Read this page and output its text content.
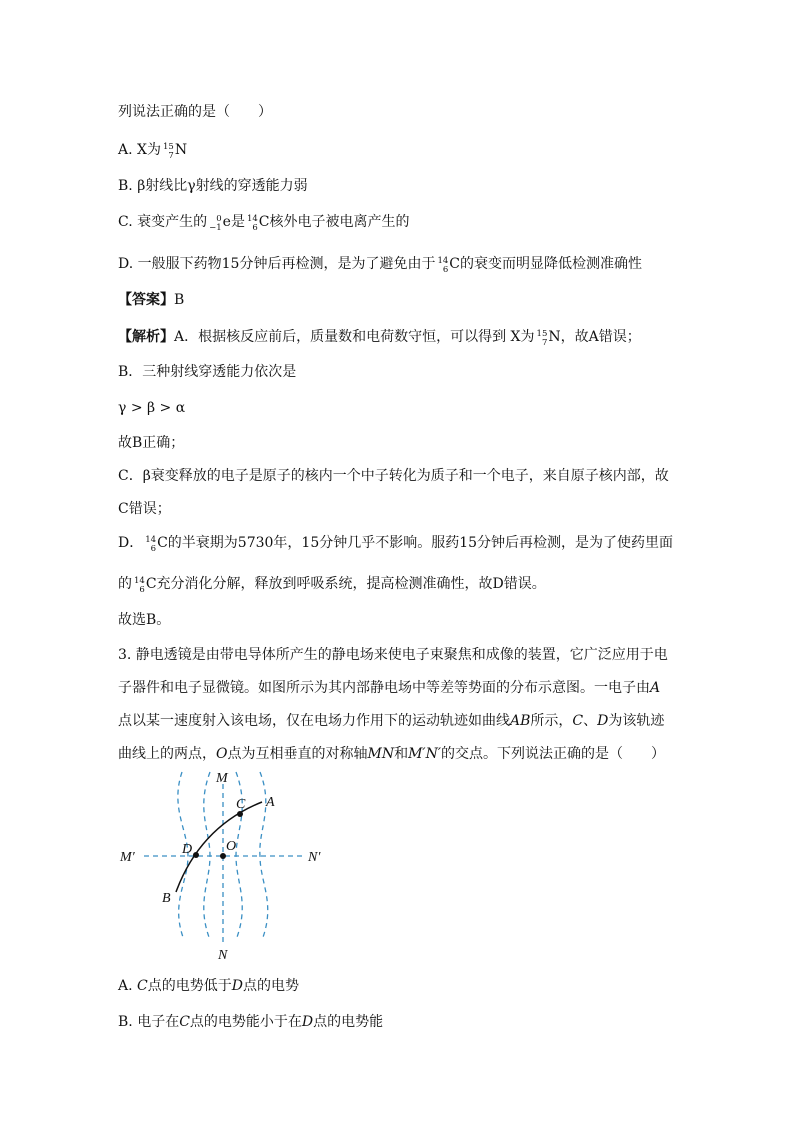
列说法正确的是（　　）
A. X为 15
7 N
B. β射线比γ射线的穿透能力弱
C. 衰变产生的	0
−1 e是 14
6 C核外电子被电离产生的
D. 一般服下药物15分钟后再检测，是为了避免由于 14
6 C的衰变而明显降低检测准确性
【答案】B
【解析】A．根据核反应前后，质量数和电荷数守恒，可以得到 X为 15
7 N，故A错误；
B．三种射线穿透能力依次是
γ > β > α
故B正确；
C．β衰变释放的电子是原子的核内一个中子转化为质子和一个电子，来自原子核内部，故
C错误；
D． 14
6 C的半衰期为5730年，15分钟几乎不影响。服药15分钟后再检测，是为了使药里面
的 14
6 C充分消化分解，释放到呼吸系统，提高检测准确性，故D错误。
故选B。
3. 静电透镜是由带电导体所产生的静电场来使电子束聚焦和成像的装置，它广泛应用于电
子器件和电子显微镜。如图所示为其内部静电场中等差等势面的分布示意图。一电子由A
点以某一速度射入该电场，仅在电场力作用下的运动轨迹如曲线AB所示，C、D为该轨迹
曲线上的两点，O点为互相垂直的对称轴MN和M′N′的交点。下列说法正确的是（　　）
M
N
M′	N′
A
B
C
D O
A. C点的电势低于D点的电势
B. 电子在C点的电势能小于在D点的电势能
